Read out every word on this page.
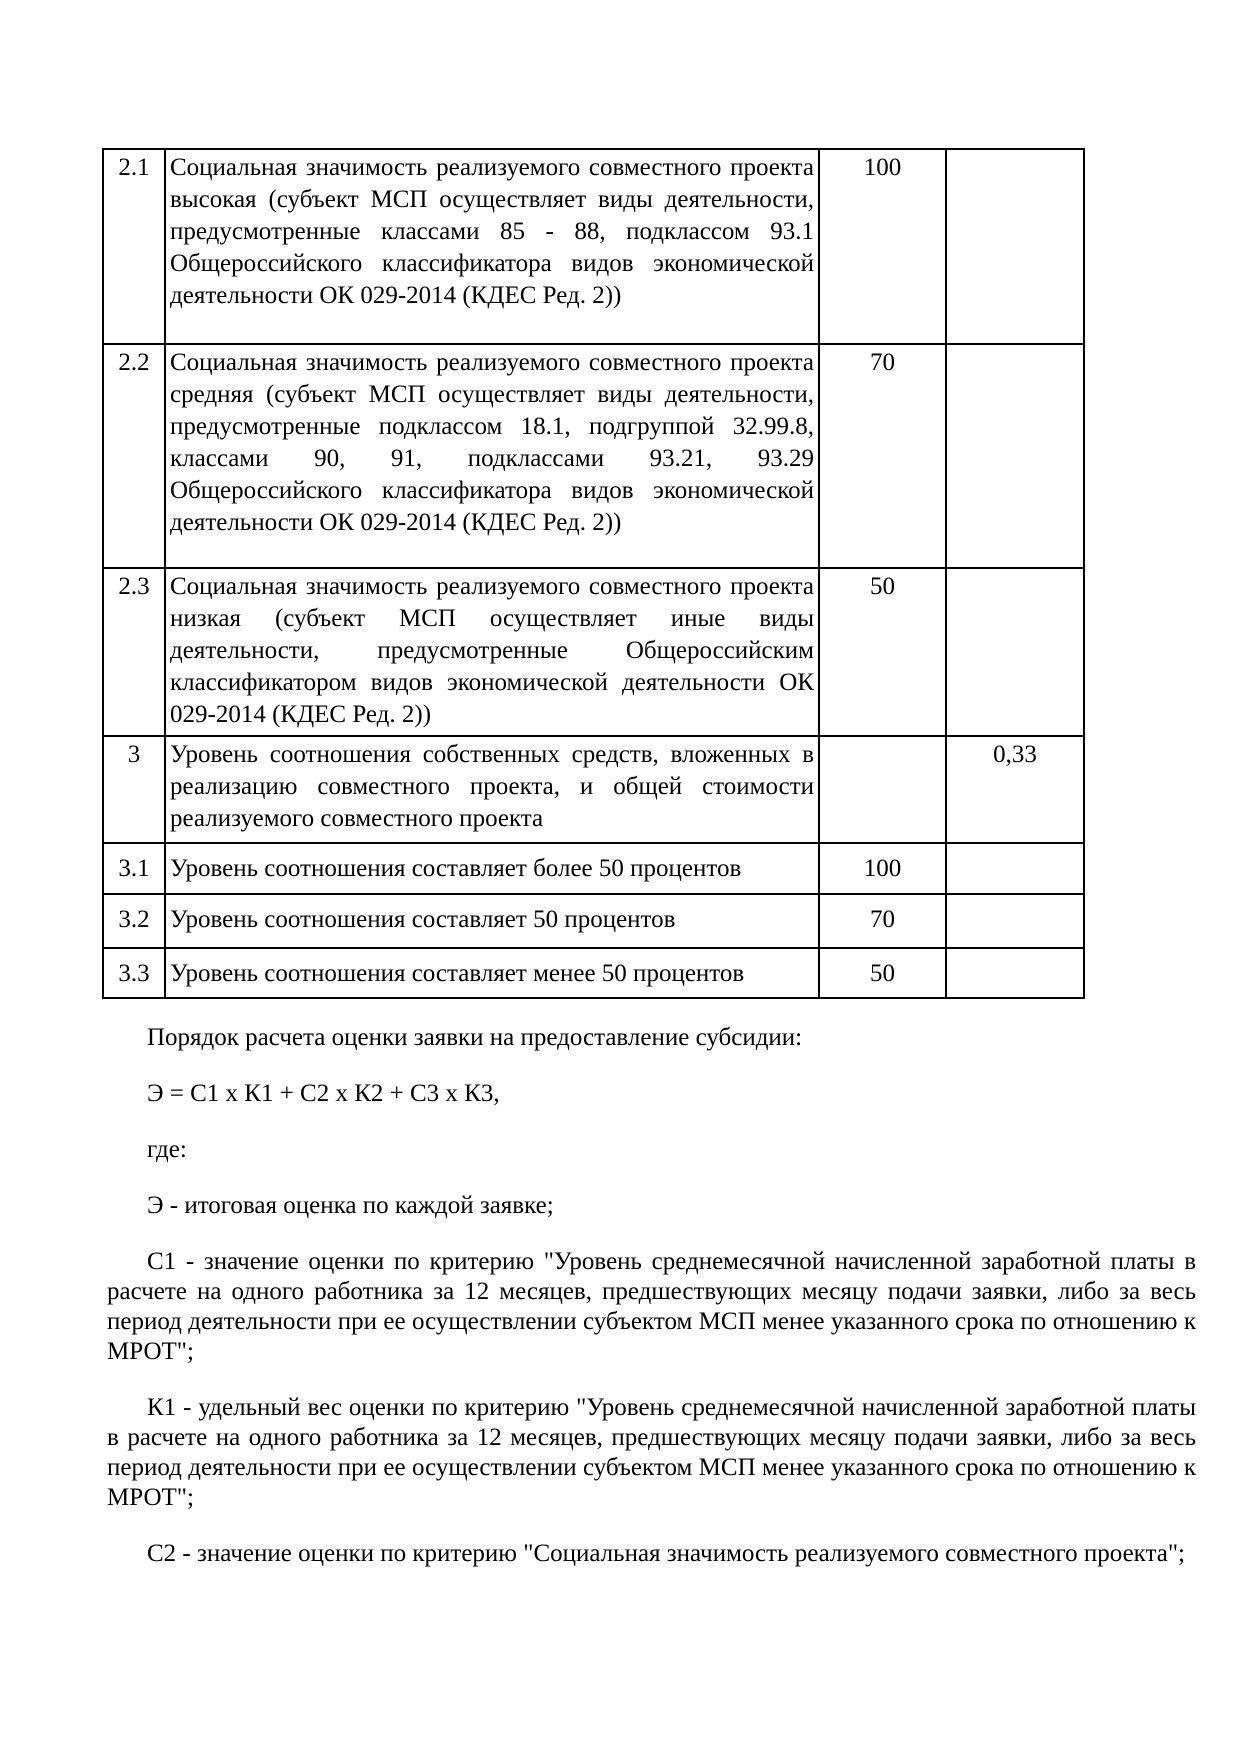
2.1	Социальная значимость реализуемого совместного проекта высокая (субъект МСП осуществляет виды деятельности, предусмотренные классами 85 - 88, подклассом 93.1 Общероссийского классификатора видов экономической деятельности ОК 029-2014 (КДЕС Ред. 2))	100	
2.2	Социальная значимость реализуемого совместного проекта средняя (субъект МСП осуществляет виды деятельности, предусмотренные подклассом 18.1, подгруппой 32.99.8, классами 90, 91, подклассами 93.21, 93.29 Общероссийского классификатора видов экономической деятельности ОК 029-2014 (КДЕС Ред. 2))	70	
2.3	Социальная значимость реализуемого совместного проекта низкая (субъект МСП осуществляет иные виды деятельности, предусмотренные Общероссийским классификатором видов экономической деятельности ОК 029-2014 (КДЕС Ред. 2))	50	
3	Уровень соотношения собственных средств, вложенных в реализацию совместного проекта, и общей стоимости реализуемого совместного проекта		0,33
3.1	Уровень соотношения составляет более 50 процентов	100	
3.2	Уровень соотношения составляет 50 процентов	70	
3.3	Уровень соотношения составляет менее 50 процентов	50	

Порядок расчета оценки заявки на предоставление субсидии:

Э = С1 х К1 + С2 х К2 + С3 х К3,

где:

Э - итоговая оценка по каждой заявке;

С1 - значение оценки по критерию "Уровень среднемесячной начисленной заработной платы в расчете на одного работника за 12 месяцев, предшествующих месяцу подачи заявки, либо за весь период деятельности при ее осуществлении субъектом МСП менее указанного срока по отношению к МРОТ";

К1 - удельный вес оценки по критерию "Уровень среднемесячной начисленной заработной платы в расчете на одного работника за 12 месяцев, предшествующих месяцу подачи заявки, либо за весь период деятельности при ее осуществлении субъектом МСП менее указанного срока по отношению к МРОТ";

С2 - значение оценки по критерию "Социальная значимость реализуемого совместного проекта";
